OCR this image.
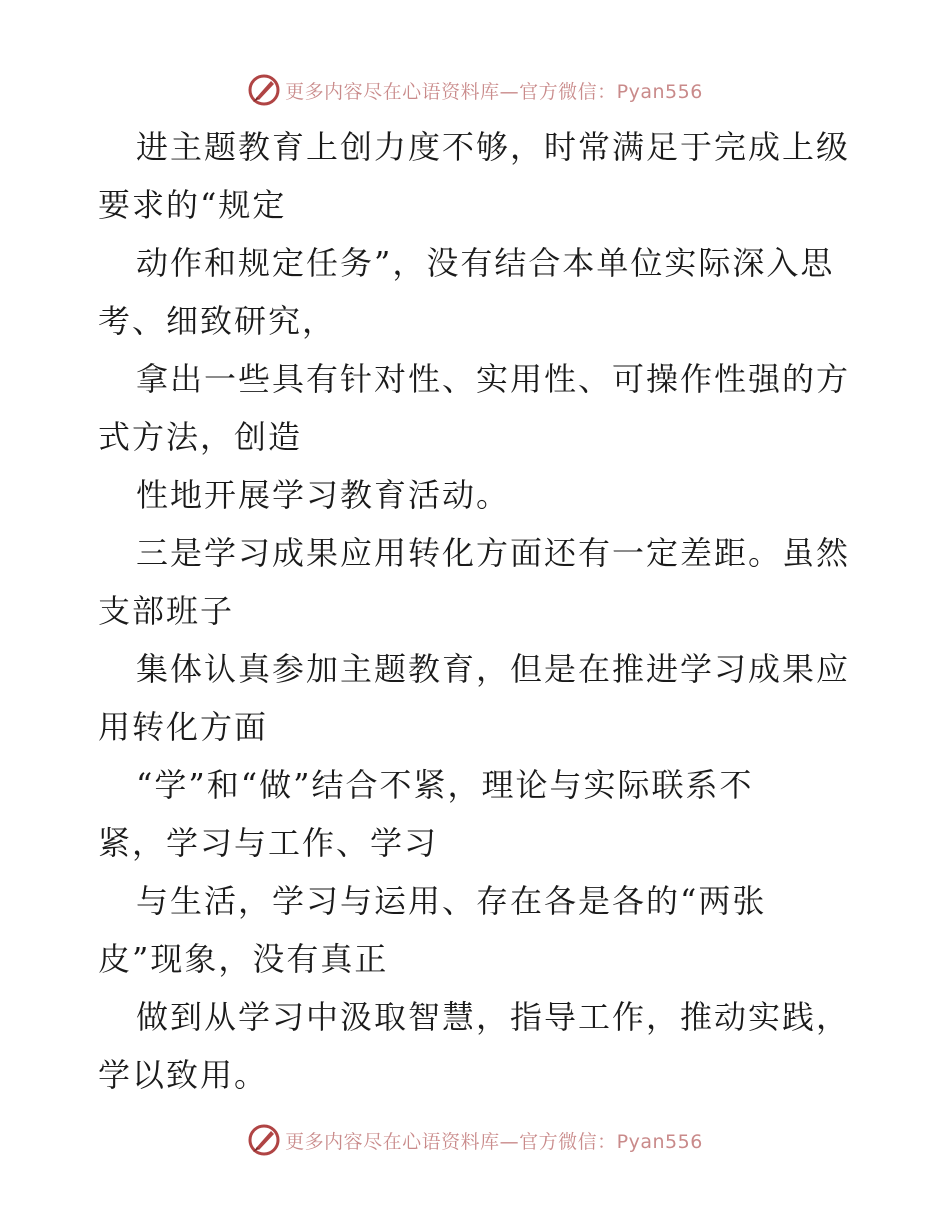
更多内容尽在心语资料库—官方微信：Pyan556

进主题教育上创力度不够，时常满足于完成上级

要求的“规定

动作和规定任务”，没有结合本单位实际深入思

考、细致研究，

拿出一些具有针对性、实用性、可操作性强的方

式方法，创造

性地开展学习教育活动。

三是学习成果应用转化方面还有一定差距。虽然

支部班子

集体认真参加主题教育，但是在推进学习成果应

用转化方面

“学”和“做”结合不紧，理论与实际联系不

紧，学习与工作、学习

与生活，学习与运用、存在各是各的“两张

皮”现象，没有真正

做到从学习中汲取智慧，指导工作，推动实践，

学以致用。

更多内容尽在心语资料库—官方微信：Pyan556
